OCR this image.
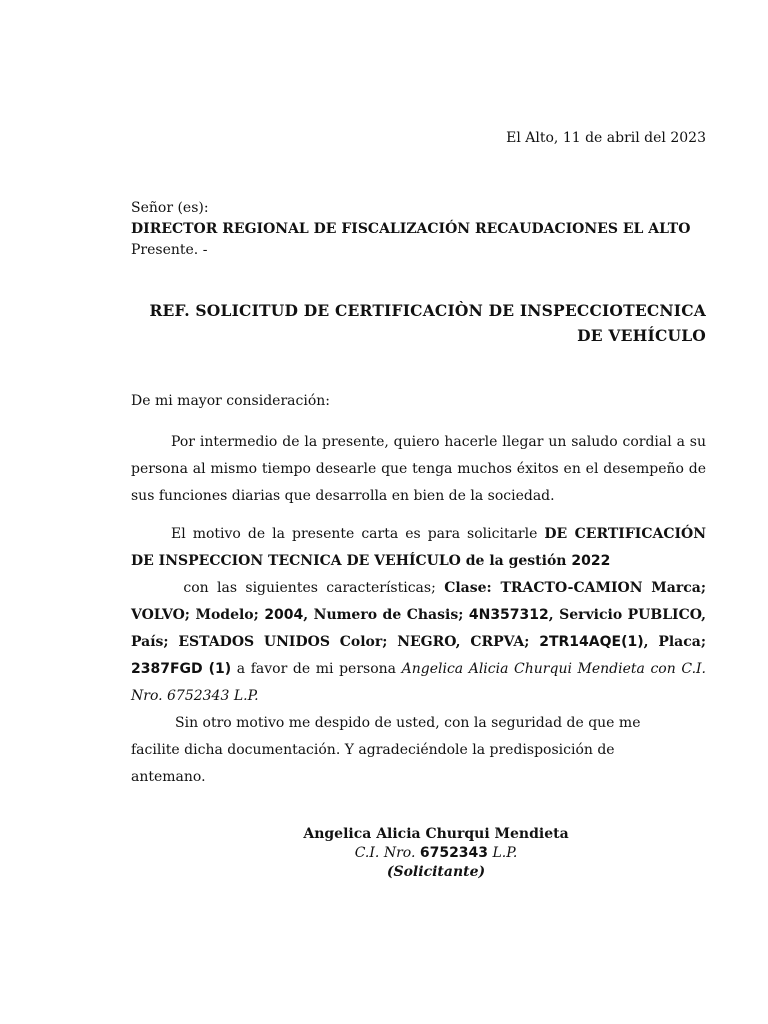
El Alto, 11 de abril del 2023
Señor (es):
DIRECTOR REGIONAL DE FISCALIZACIÓN RECAUDACIONES EL ALTO
Presente. -
REF. SOLICITUD DE CERTIFICACIÒN DE INSPECCIOTECNICA
DE VEHÍCULO
De mi mayor consideración:
Por intermedio de la presente, quiero hacerle llegar un saludo cordial a su persona al mismo tiempo desearle que tenga muchos éxitos en el desempeño de sus funciones diarias que desarrolla en bien de la sociedad.
El motivo de la presente carta es para solicitarle DE CERTIFICACIÓN DE INSPECCION TECNICA DE VEHÍCULO de la gestión 2022
con las siguientes características; Clase: TRACTO-CAMION Marca; VOLVO; Modelo; 2004, Numero de Chasis; 4N357312, Servicio PUBLICO, País; ESTADOS UNIDOS Color; NEGRO, CRPVA; 2TR14AQE(1), Placa; 2387FGD (1) a favor de mi persona Angelica Alicia Churqui Mendieta con C.I. Nro. 6752343 L.P.
Sin otro motivo me despido de usted, con la seguridad de que me facilite dicha documentación. Y agradeciéndole la predisposición de antemano.
Angelica Alicia Churqui Mendieta
C.I. Nro. 6752343 L.P.
(Solicitante)
